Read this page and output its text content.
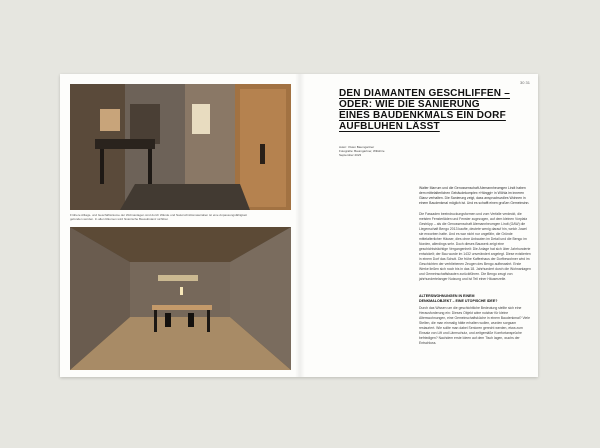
Frühere Alltags- und Geschäftsräume der Wohnanlagen sind durch Wände und Naturschnittsmaterialien ist eine Anpassungsfähigkeit gefunden worden. In allen Räumen wird historische Bausubstanz sichtbar.
30 31
DEN DIAMANTEN GESCHLIFFEN –
ODER: WIE DIE SANIERUNG
EINES BAUDENKMALS EIN DORF
AUFBLÜHEN LÄSST
Autor: Vivien Baumgartner
Fotografie: Baumgartner, Wiltshire
September 2023

Walter Marrum und die Genossenschaft Alemannheumgen Lindt haben dem mittelalterlichen Gebäudekomplex »Hänggi« in Wöhla im inneren Glanz verhalten. Die Sanierung zeigt, dass anspruchsvolles Wohnen in einem Baudenkmal möglich ist. Und es schafft einen großen Gemeinsinn.

Die Fassaden beeindruckungsformen und vom Verfalle verdeckt, die meisten Fensterläden und Fenster zugezogen, auf dem kleinen Vorplatz Gestrüpp – als die Genossenschaft Alemannheumgen Lindt (GAW) die Liegenschaft Bengo 2013 kaufte, deutete wenig darauf hin, welch Juwel sie erworben hatte. Und es war nicht nur ungefähr, die Gründe mittelalterlicher Häuser, dies ohne Anbauten im Detail und die Bengo im Norden, allerdings sehr. Doch dieses Bauwerk zeigt eine geschichtsträchtige Vergangenheit: Die Anlage hat sich über Jahrhunderte entwickelt; der Bau wurde im 1432 unverändert angelegt. Diese existierten in einem Dorf das Schutt. Die frühe Kaffeehaus der Dorfbewohner wird im Geschichten der verbliebenen Zeugen des Bengo aufbewahrt. Erste Werke ließen sich noch bis in das 18. Jahrhundert durch die Wohnanlagen und Gemeinschaftsbauten zurückführen. Die Bengo zeugt von jahrhundertelanger Nutzung und ist Teil einer Häuserzeile.

ALTERSWOHNUNGEN IN EINEM
DENKMALOBJEKT – EINE UTOPISCHE IDEE?

Durch das Wissen um die geschichtliche Bedeutung stellte sich eine Herausforderung ein: Dieses Objekt wäre nutzbar für kleine Alterswohnungen, eine Gemeinschaftsküche in einem Baudenkmal? Viele Stellen, die man einmalig hätte erhalten wollen, wurden sorgsam restauriert. Wie sollte man dabei Senioren gerecht werden, etwa zum Einsatz von Lift und Lärmschutz, und zeitgemäße Komfortansprüche befriedigen? Nachdem erste Ideen auf dem Tisch lagen, wuchs der Entschluss.
